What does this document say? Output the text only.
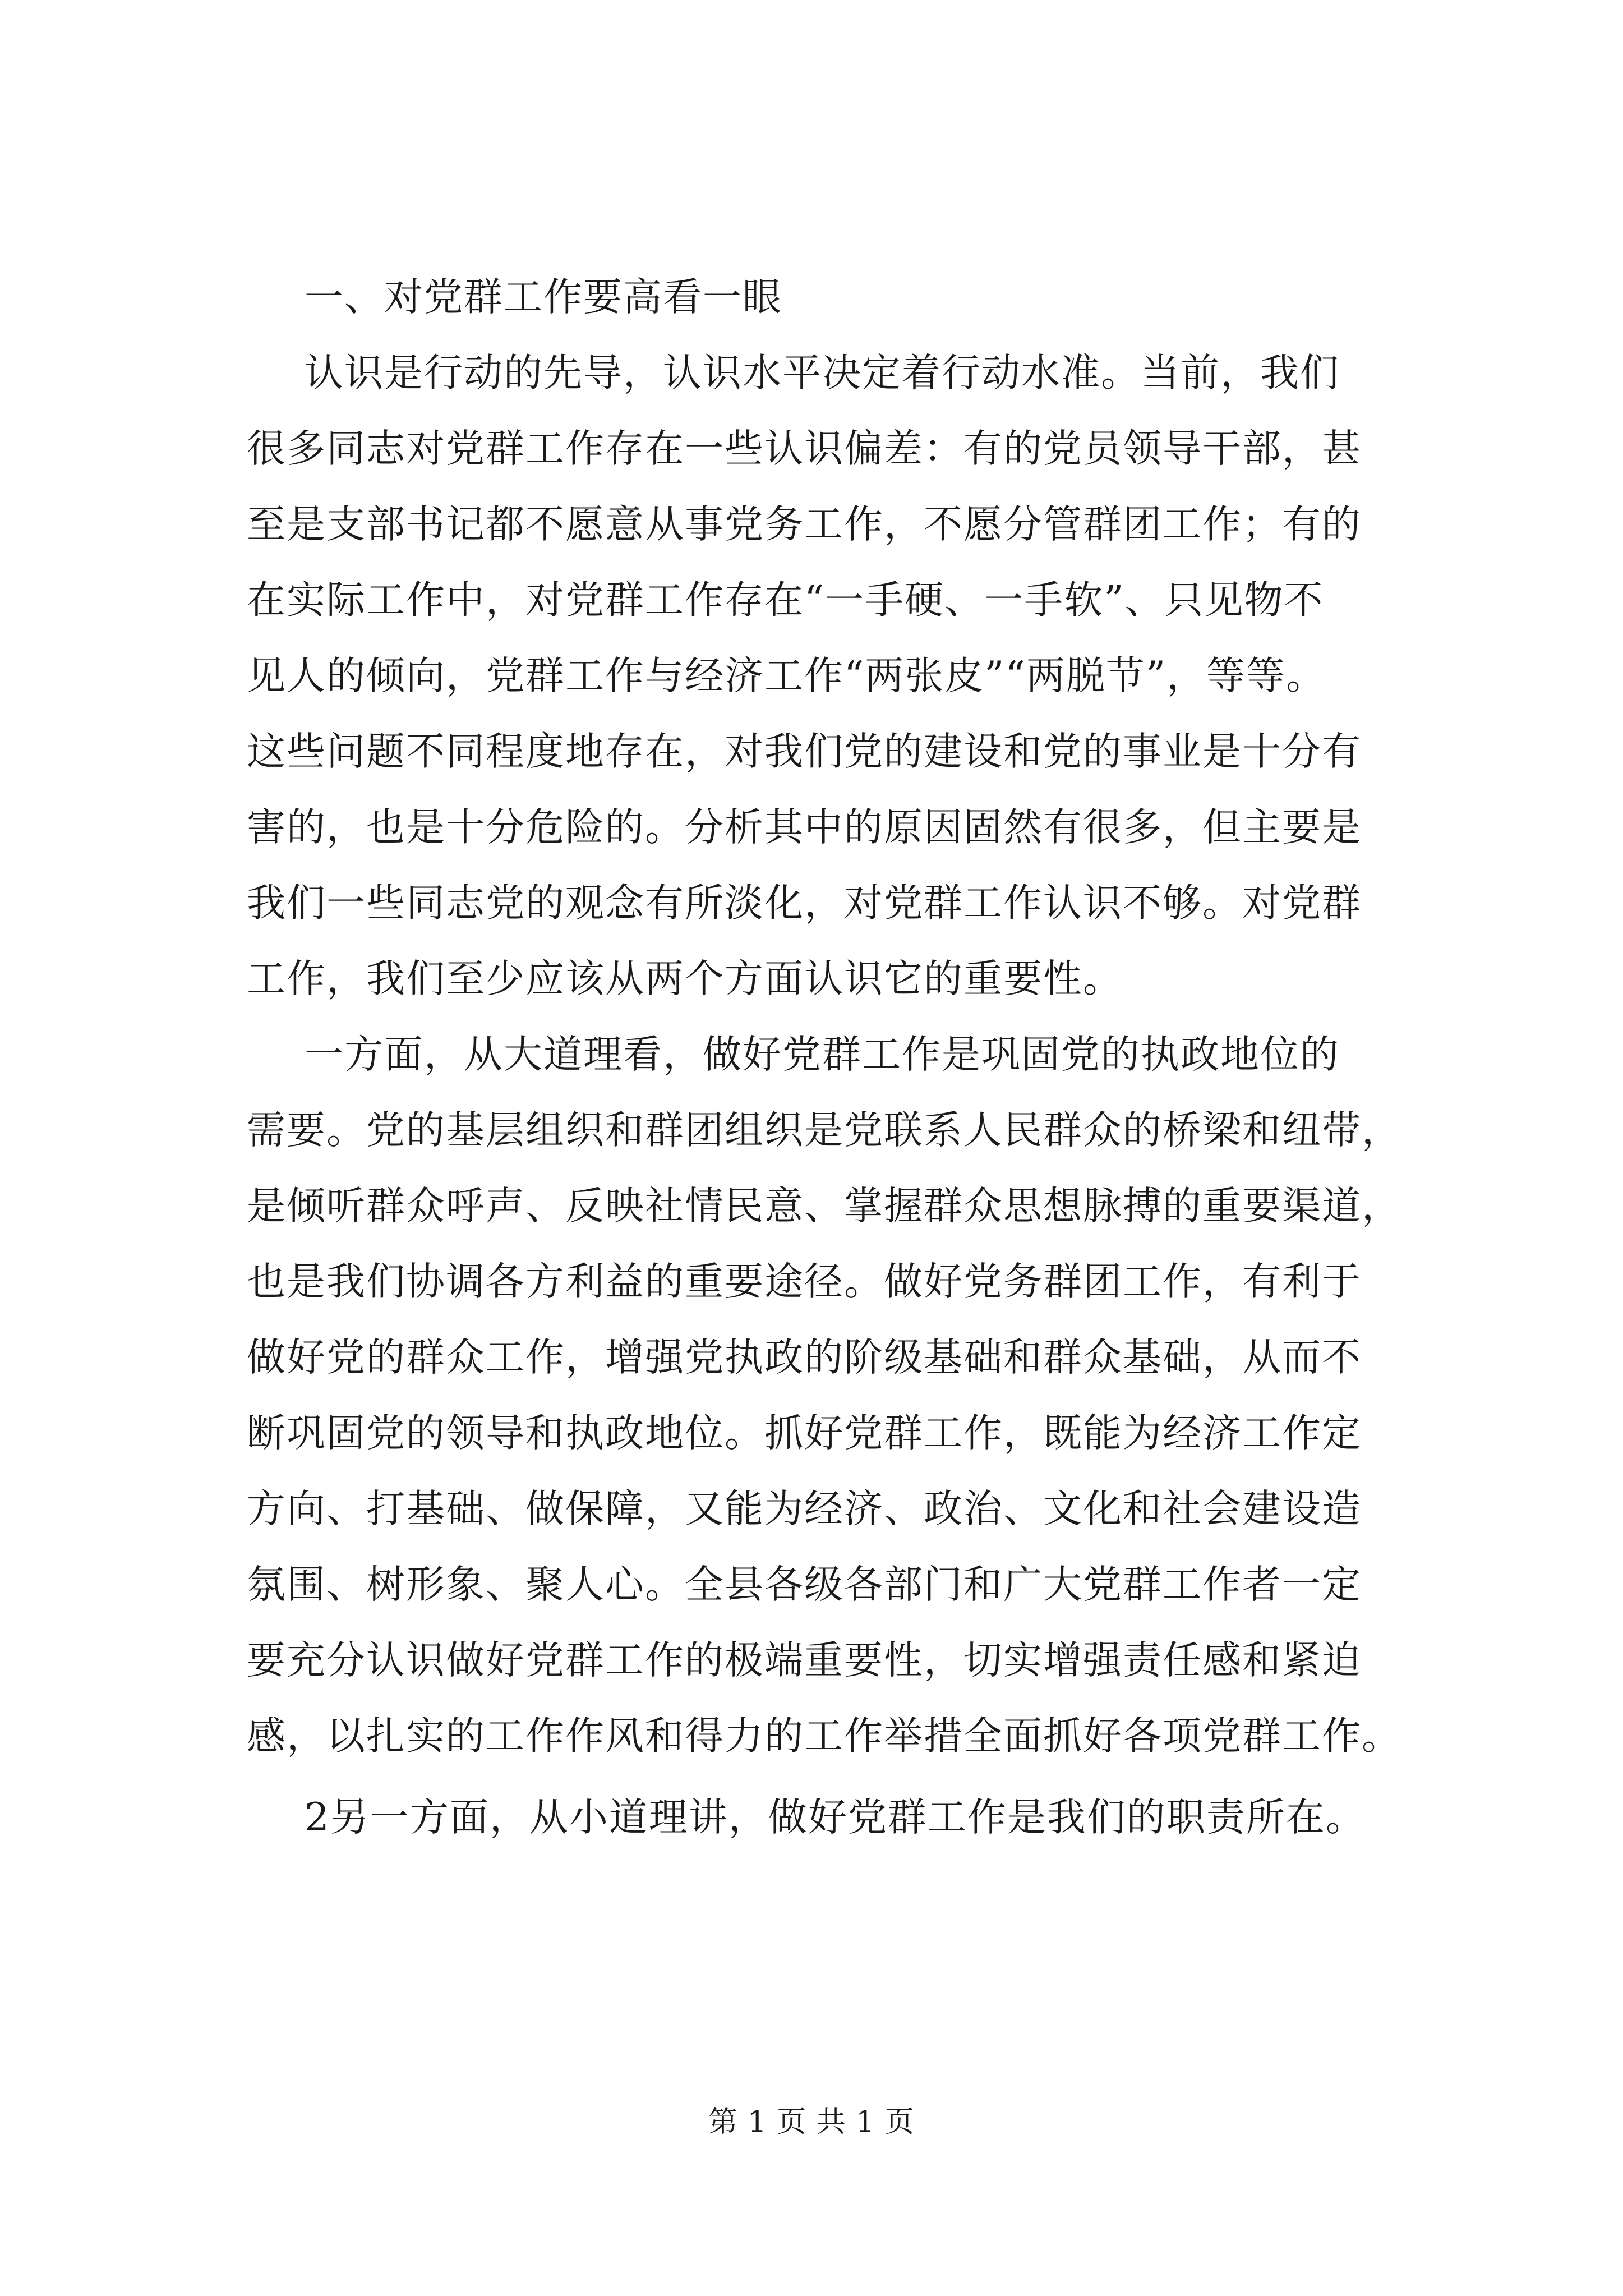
一、对党群工作要高看一眼
认识是行动的先导，认识水平决定着行动水准。当前，我们
很多同志对党群工作存在一些认识偏差：有的党员领导干部，甚
至是支部书记都不愿意从事党务工作，不愿分管群团工作；有的
在实际工作中，对党群工作存在“一手硬、一手软”、只见物不
见人的倾向，党群工作与经济工作“两张皮”“两脱节”，等等。
这些问题不同程度地存在，对我们党的建设和党的事业是十分有
害的，也是十分危险的。分析其中的原因固然有很多，但主要是
我们一些同志党的观念有所淡化，对党群工作认识不够。对党群
工作，我们至少应该从两个方面认识它的重要性。
一方面，从大道理看，做好党群工作是巩固党的执政地位的
需要。党的基层组织和群团组织是党联系人民群众的桥梁和纽带，
是倾听群众呼声、反映社情民意、掌握群众思想脉搏的重要渠道，
也是我们协调各方利益的重要途径。做好党务群团工作，有利于
做好党的群众工作，增强党执政的阶级基础和群众基础，从而不
断巩固党的领导和执政地位。抓好党群工作，既能为经济工作定
方向、打基础、做保障，又能为经济、政治、文化和社会建设造
氛围、树形象、聚人心。全县各级各部门和广大党群工作者一定
要充分认识做好党群工作的极端重要性，切实增强责任感和紧迫
感，以扎实的工作作风和得力的工作举措全面抓好各项党群工作。
2另一方面，从小道理讲，做好党群工作是我们的职责所在。
第 1 页 共 1 页
